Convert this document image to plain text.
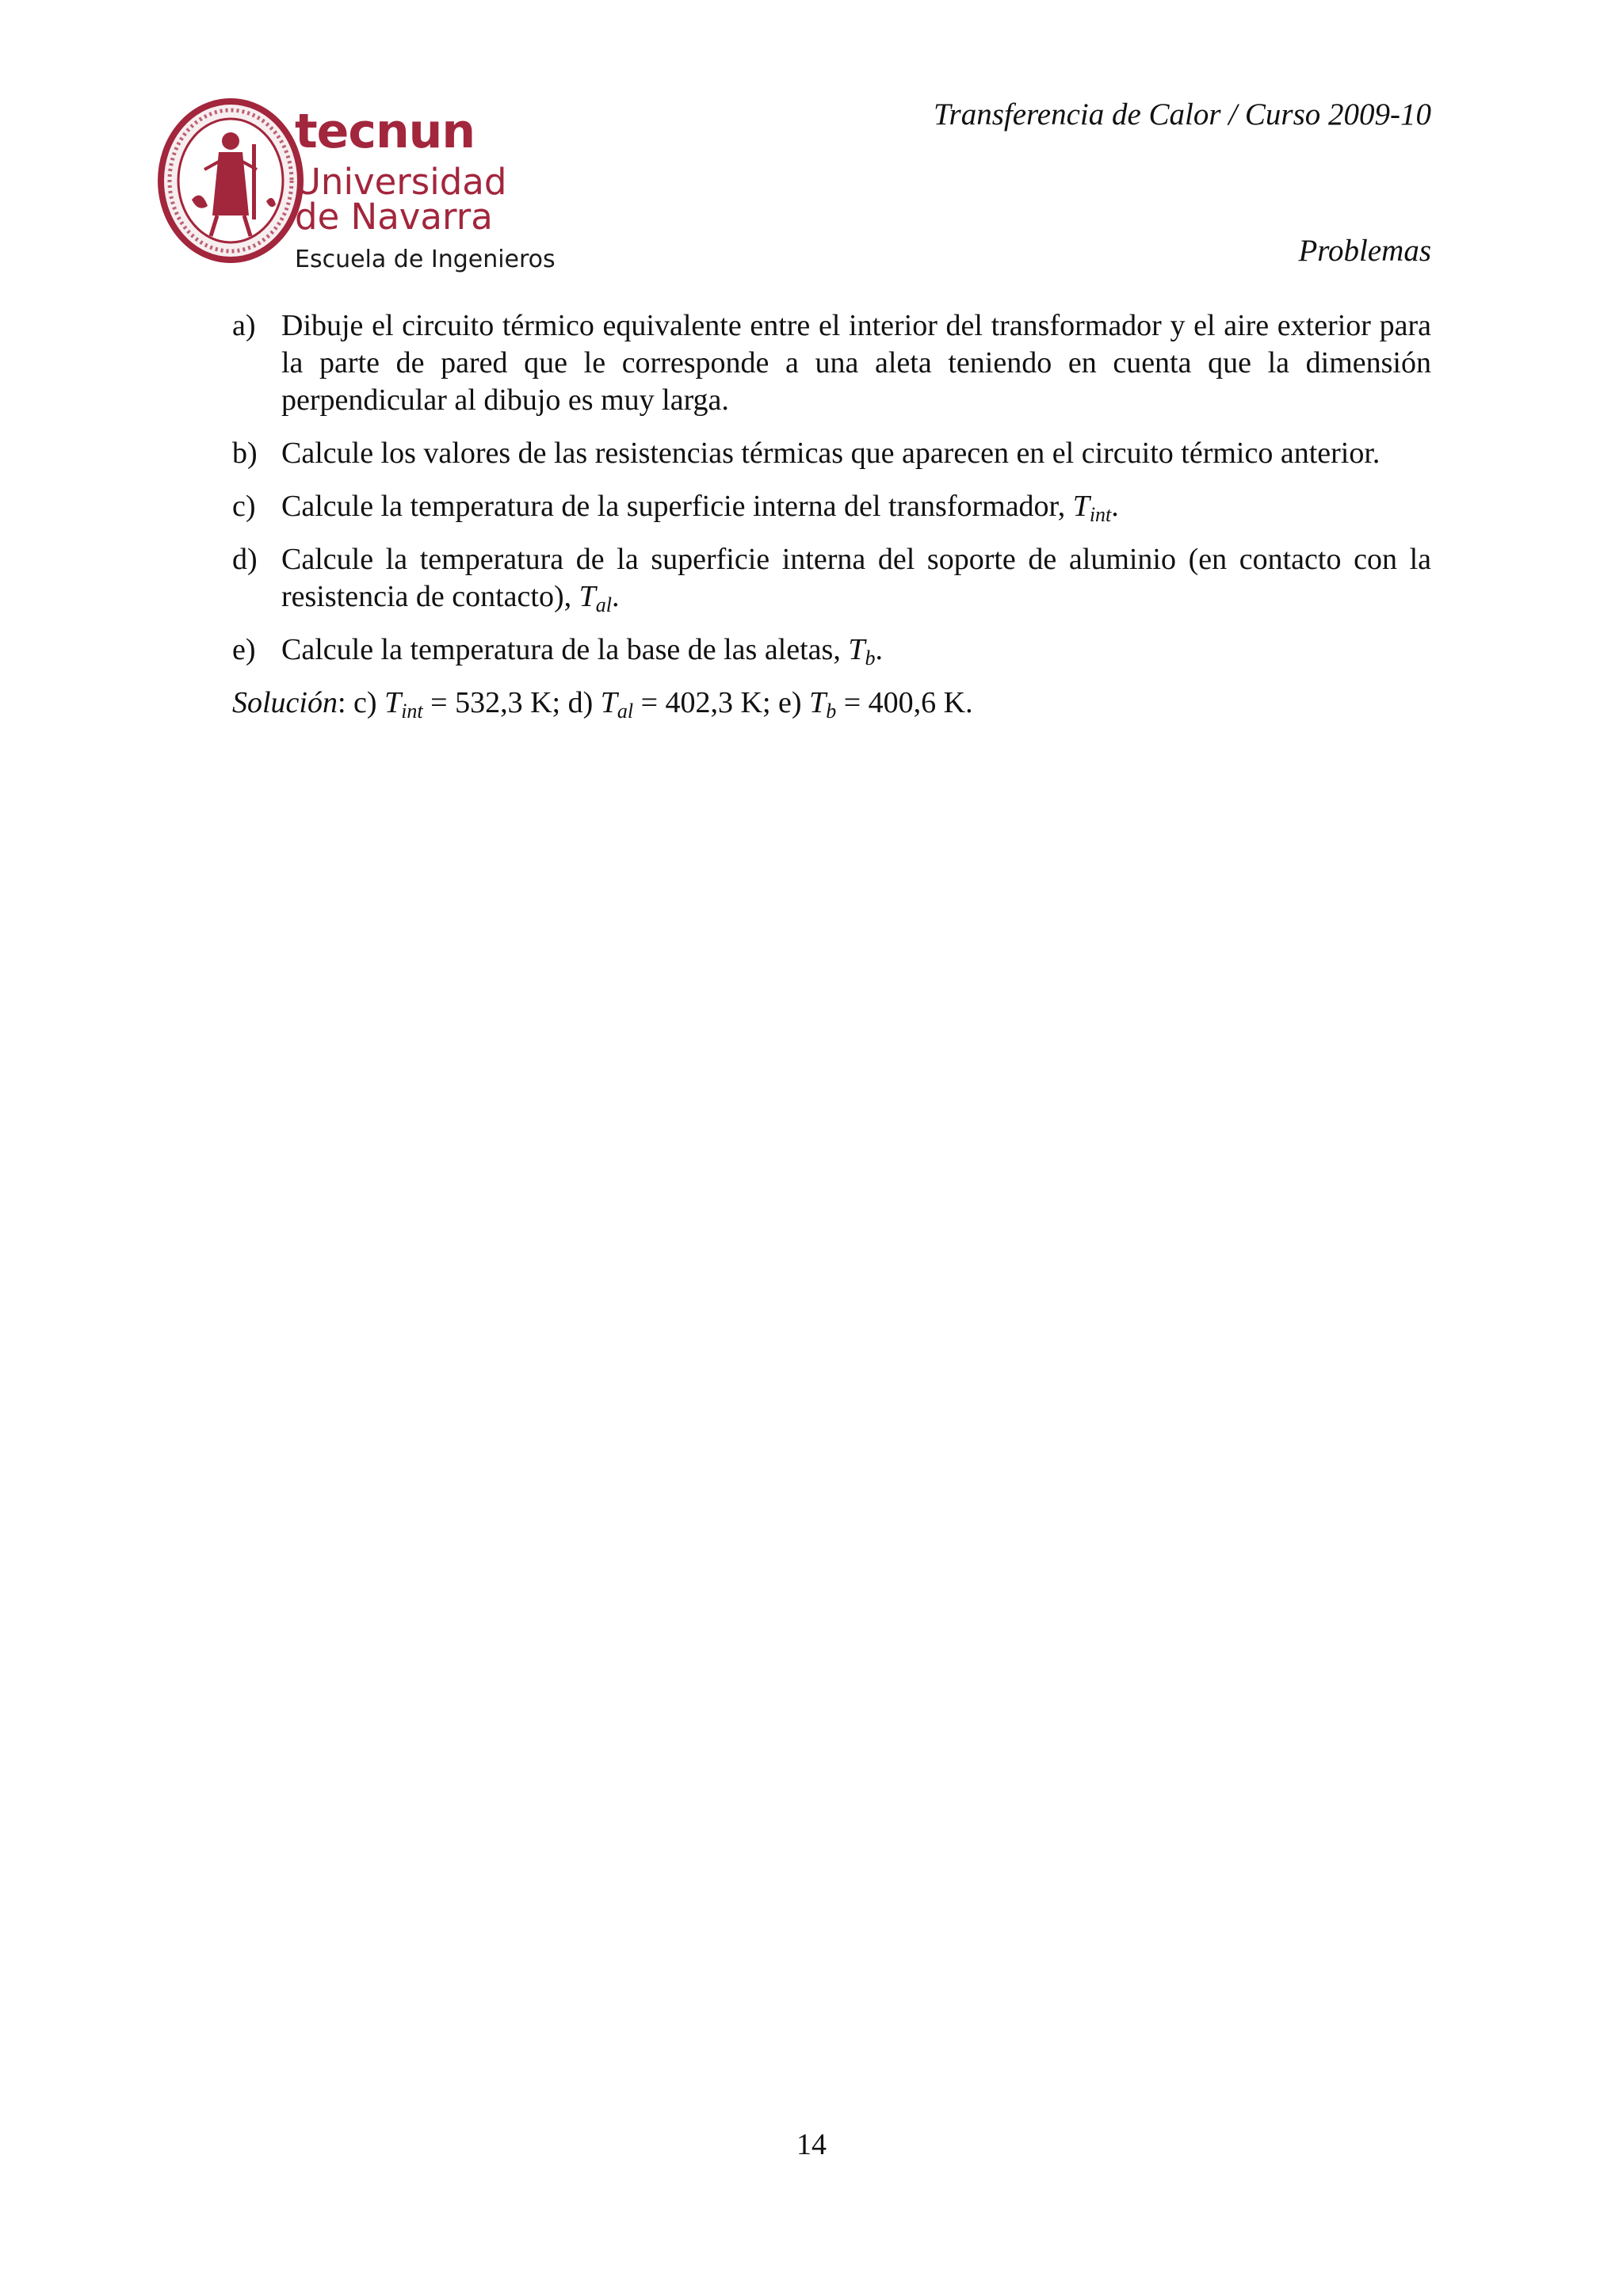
tecnun
Universidad
de Navarra
Escuela de Ingenieros
Transferencia de Calor / Curso 2009-10
Problemas
a) Dibuje el circuito térmico equivalente entre el interior del transformador y el aire exterior para la parte de pared que le corresponde a una aleta teniendo en cuenta que la dimensión perpendicular al dibujo es muy larga.
b) Calcule los valores de las resistencias térmicas que aparecen en el circuito térmico anterior.
c) Calcule la temperatura de la superficie interna del transformador, $T_{int}$.
d) Calcule la temperatura de la superficie interna del soporte de aluminio (en contacto con la resistencia de contacto), $T_{al}$.
e) Calcule la temperatura de la base de las aletas, $T_b$.
Solución: c) $T_{int} = 532,3$ K; d) $T_{al} = 402,3$ K; e) $T_b = 400,6$ K.
14
